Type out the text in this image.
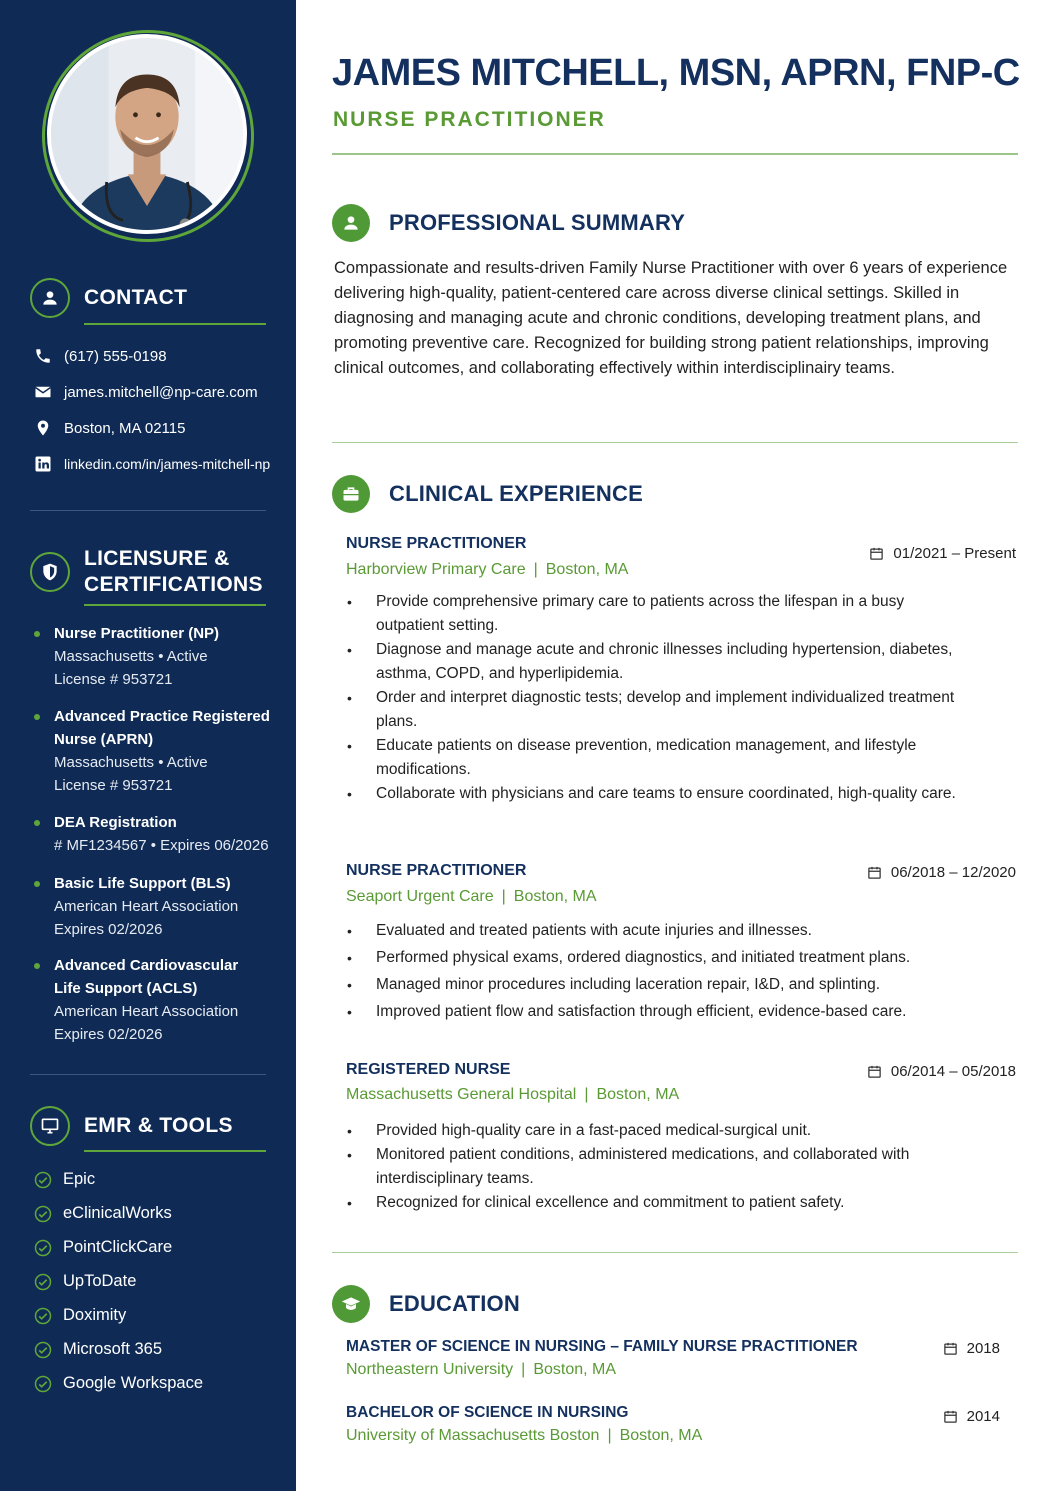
CONTACT
(617) 555-0198
james.mitchell@np-care.com
Boston, MA 02115
linkedin.com/in/james-mitchell-np
LICENSURE &
CERTIFICATIONS
Nurse Practitioner (NP)
Massachusetts • Active
License # 953721
Advanced Practice Registered
Nurse (APRN)
Massachusetts • Active
License # 953721
DEA Registration
# MF1234567 • Expires 06/2026
Basic Life Support (BLS)
American Heart Association
Expires 02/2026
Advanced Cardiovascular
Life Support (ACLS)
American Heart Association
Expires 02/2026
EMR & TOOLS
Epic
eClinicalWorks
PointClickCare
UpToDate
Doximity
Microsoft 365
Google Workspace
JAMES MITCHELL, MSN, APRN, FNP-C
NURSE PRACTITIONER
PROFESSIONAL SUMMARY
Compassionate and results-driven Family Nurse Practitioner with over 6 years of experience delivering high-quality, patient-centered care across diverse clinical settings. Skilled in diagnosing and managing acute and chronic conditions, developing treatment plans, and promoting preventive care. Recognized for building strong patient relationships, improving clinical outcomes, and collaborating effectively within interdisciplinairy teams.
CLINICAL EXPERIENCE
NURSE PRACTITIONER
Harborview Primary Care | Boston, MA
01/2021 – Present
• Provide comprehensive primary care to patients across the lifespan in a busy outpatient setting.
• Diagnose and manage acute and chronic illnesses including hypertension, diabetes, asthma, COPD, and hyperlipidemia.
• Order and interpret diagnostic tests; develop and implement individualized treatment plans.
• Educate patients on disease prevention, medication management, and lifestyle modifications.
• Collaborate with physicians and care teams to ensure coordinated, high-quality care.
NURSE PRACTITIONER
Seaport Urgent Care | Boston, MA
06/2018 – 12/2020
• Evaluated and treated patients with acute injuries and illnesses.
• Performed physical exams, ordered diagnostics, and initiated treatment plans.
• Managed minor procedures including laceration repair, I&D, and splinting.
• Improved patient flow and satisfaction through efficient, evidence-based care.
REGISTERED NURSE
Massachusetts General Hospital | Boston, MA
06/2014 – 05/2018
• Provided high-quality care in a fast-paced medical-surgical unit.
• Monitored patient conditions, administered medications, and collaborated with interdisciplinary teams.
• Recognized for clinical excellence and commitment to patient safety.
EDUCATION
MASTER OF SCIENCE IN NURSING – FAMILY NURSE PRACTITIONER
Northeastern University | Boston, MA
2018
BACHELOR OF SCIENCE IN NURSING
University of Massachusetts Boston | Boston, MA
2014
